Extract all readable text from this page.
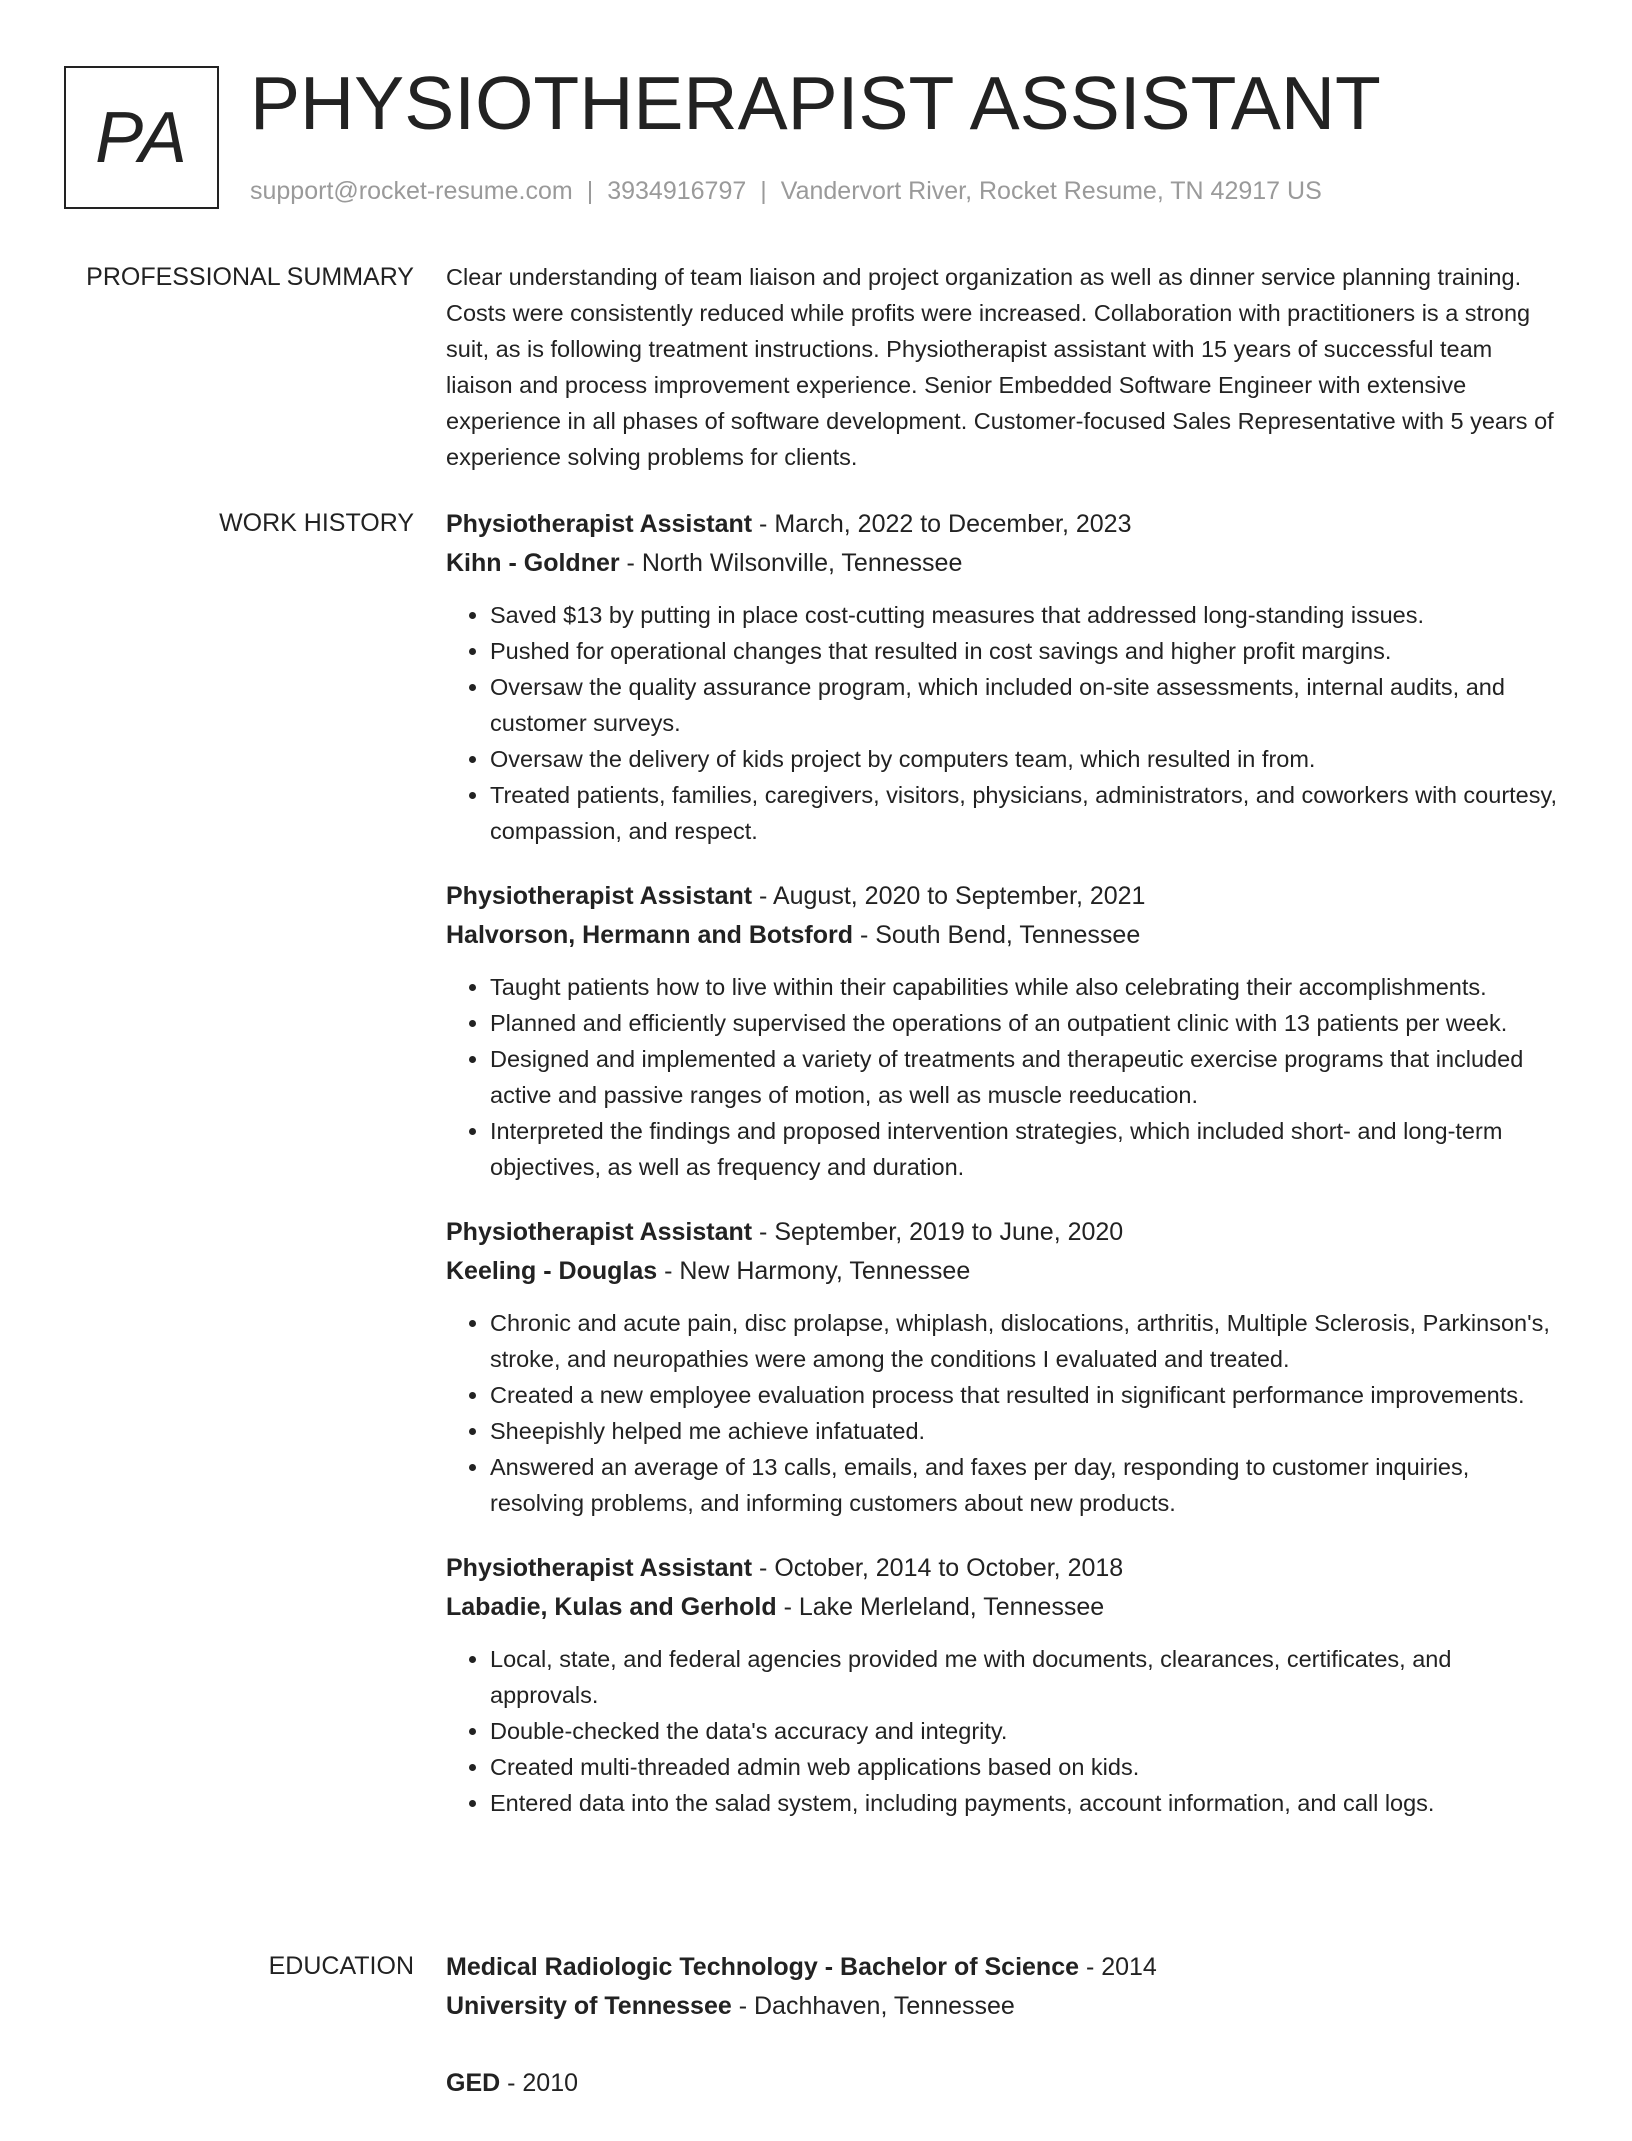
PA PHYSIOTHERAPIST ASSISTANT
support@rocket-resume.com | 3934916797 | Vandervort River, Rocket Resume, TN 42917 US
PROFESSIONAL SUMMARY Clear understanding of team liaison and project organization as well as dinner service planning training. Costs were consistently reduced while profits were increased. Collaboration with practitioners is a strong suit, as is following treatment instructions. Physiotherapist assistant with 15 years of successful team liaison and process improvement experience. Senior Embedded Software Engineer with extensive experience in all phases of software development. Customer-focused Sales Representative with 5 years of experience solving problems for clients.

WORK HISTORY Physiotherapist Assistant - March, 2022 to December, 2023
Kihn - Goldner - North Wilsonville, Tennessee
• Saved $13 by putting in place cost-cutting measures that addressed long-standing issues.
• Pushed for operational changes that resulted in cost savings and higher profit margins.
• Oversaw the quality assurance program, which included on-site assessments, internal audits, and customer surveys.
• Oversaw the delivery of kids project by computers team, which resulted in from.
• Treated patients, families, caregivers, visitors, physicians, administrators, and coworkers with courtesy, compassion, and respect.
Physiotherapist Assistant - August, 2020 to September, 2021
Halvorson, Hermann and Botsford - South Bend, Tennessee
• Taught patients how to live within their capabilities while also celebrating their accomplishments.
• Planned and efficiently supervised the operations of an outpatient clinic with 13 patients per week.
• Designed and implemented a variety of treatments and therapeutic exercise programs that included active and passive ranges of motion, as well as muscle reeducation.
• Interpreted the findings and proposed intervention strategies, which included short- and long-term objectives, as well as frequency and duration.
Physiotherapist Assistant - September, 2019 to June, 2020
Keeling - Douglas - New Harmony, Tennessee
• Chronic and acute pain, disc prolapse, whiplash, dislocations, arthritis, Multiple Sclerosis, Parkinson's, stroke, and neuropathies were among the conditions I evaluated and treated.
• Created a new employee evaluation process that resulted in significant performance improvements.
• Sheepishly helped me achieve infatuated.
• Answered an average of 13 calls, emails, and faxes per day, responding to customer inquiries, resolving problems, and informing customers about new products.
Physiotherapist Assistant - October, 2014 to October, 2018
Labadie, Kulas and Gerhold - Lake Merleland, Tennessee
• Local, state, and federal agencies provided me with documents, clearances, certificates, and approvals.
• Double-checked the data's accuracy and integrity.
• Created multi-threaded admin web applications based on kids.
• Entered data into the salad system, including payments, account information, and call logs.
EDUCATION Medical Radiologic Technology - Bachelor of Science - 2014
University of Tennessee - Dachhaven, Tennessee
GED - 2010
